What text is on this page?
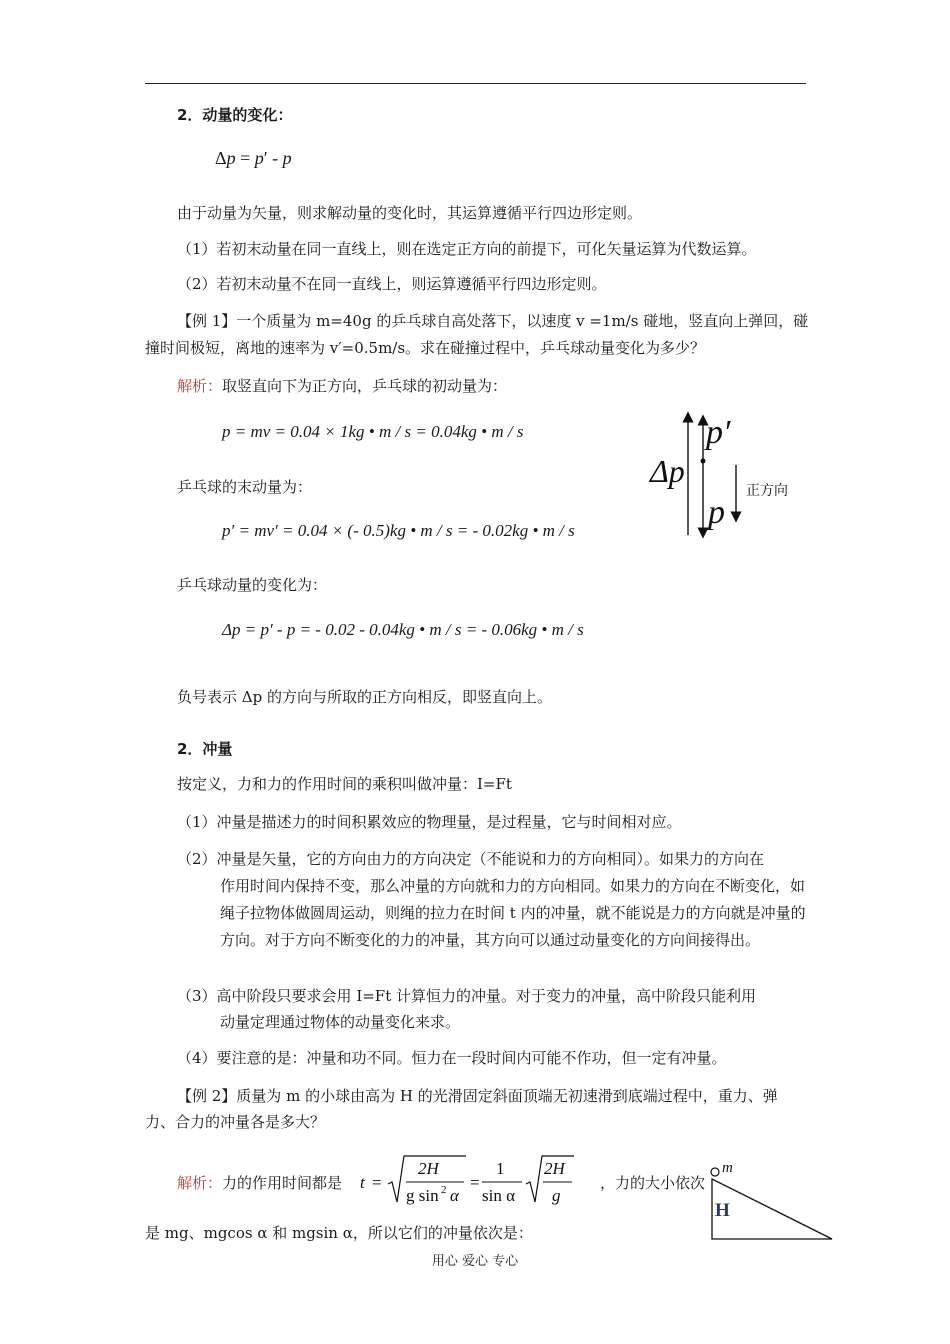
2．动量的变化：
Δp = p′ - p
由于动量为矢量，则求解动量的变化时，其运算遵循平行四边形定则。
（1）若初末动量在同一直线上，则在选定正方向的前提下，可化矢量运算为代数运算。
（2）若初末动量不在同一直线上，则运算遵循平行四边形定则。
【例 1】一个质量为 m=40g 的乒乓球自高处落下，以速度 v =1m/s 碰地，竖直向上弹回，碰
撞时间极短，离地的速率为 v′=0.5m/s。求在碰撞过程中，乒乓球动量变化为多少？
解析：取竖直向下为正方向，乒乓球的初动量为：
p = mv = 0.04 × 1kg • m / s = 0.04kg • m / s
乒乓球的末动量为：
p′ = mv′ = 0.04 × (- 0.5)kg • m / s = - 0.02kg • m / s
乒乓球动量的变化为：
Δp = p′ - p = - 0.02 - 0.04kg • m / s = - 0.06kg • m / s
负号表示 Δp 的方向与所取的正方向相反，即竖直向上。
Δp
p′
p
正方向
2．冲量
按定义，力和力的作用时间的乘积叫做冲量：I=Ft
（1）冲量是描述力的时间积累效应的物理量，是过程量，它与时间相对应。
（2）冲量是矢量，它的方向由力的方向决定（不能说和力的方向相同）。如果力的方向在
作用时间内保持不变，那么冲量的方向就和力的方向相同。如果力的方向在不断变化，如绳子拉物体做圆周运动，则绳的拉力在时间 t 内的冲量，就不能说是力的方向就是冲量的方向。对于方向不断变化的力的冲量，其方向可以通过动量变化的方向间接得出。
（3）高中阶段只要求会用 I=Ft 计算恒力的冲量。对于变力的冲量，高中阶段只能利用
动量定理通过物体的动量变化来求。
（4）要注意的是：冲量和功不同。恒力在一段时间内可能不作功，但一定有冲量。
【例 2】质量为 m 的小球由高为 H 的光滑固定斜面顶端无初速滑到底端过程中，重力、弹
力、合力的冲量各是多大？
解析：力的作用时间都是 t =
2H
g sin 2 α
=
1
sin α
2H
g
，力的大小依次
是 mg、mgcos α 和 mgsin α，所以它们的冲量依次是：
m
H
用心 爱心 专心
